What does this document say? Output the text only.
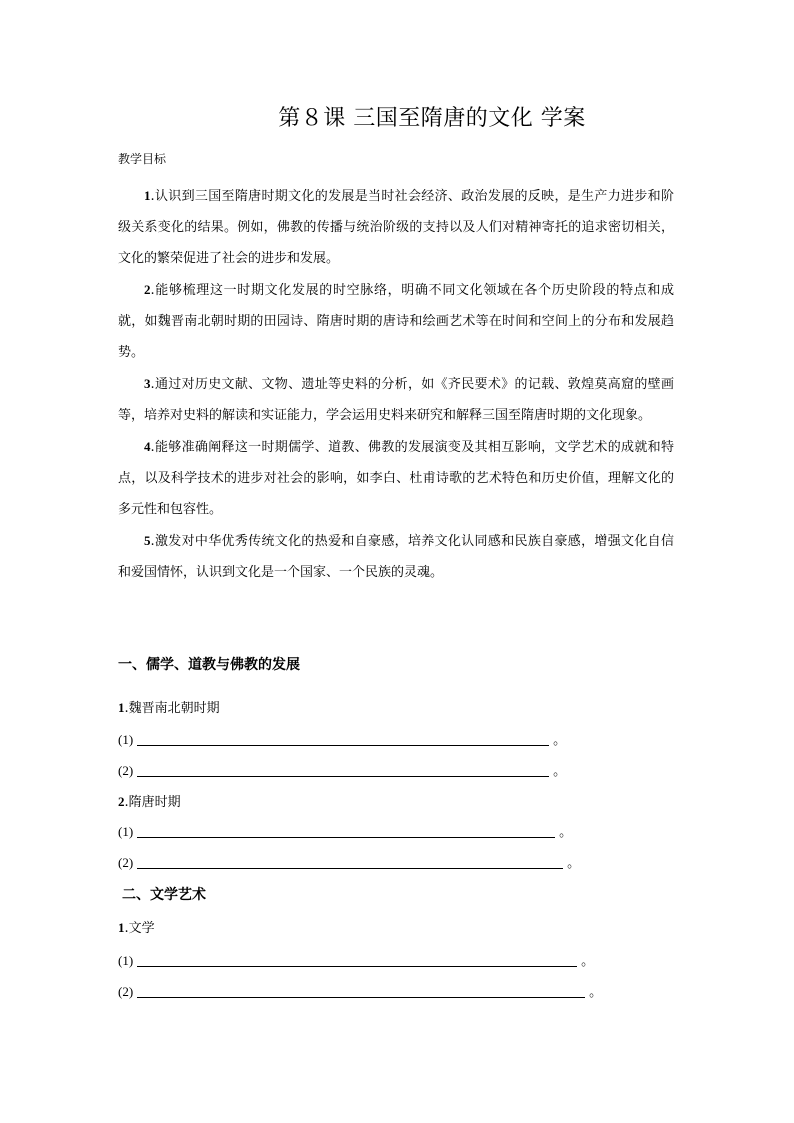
第８课 三国至隋唐的文化 学案
教学目标

1.认识到三国至隋唐时期文化的发展是当时社会经济、政治发展的反映，是生产力进步和阶级关系变化的结果。例如，佛教的传播与统治阶级的支持以及人们对精神寄托的追求密切相关，文化的繁荣促进了社会的进步和发展。

2.能够梳理这一时期文化发展的时空脉络，明确不同文化领域在各个历史阶段的特点和成就，如魏晋南北朝时期的田园诗、隋唐时期的唐诗和绘画艺术等在时间和空间上的分布和发展趋势。

3.通过对历史文献、文物、遗址等史料的分析，如《齐民要术》的记载、敦煌莫高窟的壁画等，培养对史料的解读和实证能力，学会运用史料来研究和解释三国至隋唐时期的文化现象。

4.能够准确阐释这一时期儒学、道教、佛教的发展演变及其相互影响，文学艺术的成就和特点，以及科学技术的进步对社会的影响，如李白、杜甫诗歌的艺术特色和历史价值，理解文化的多元性和包容性。

5.激发对中华优秀传统文化的热爱和自豪感，培养文化认同感和民族自豪感，增强文化自信和爱国情怀，认识到文化是一个国家、一个民族的灵魂。

一、儒学、道教与佛教的发展
1.魏晋南北朝时期
(1)	。
(2)	。
2.隋唐时期
(1)	。
(2)	。
二、文学艺术
1.文学
(1)	。
(2)	。
